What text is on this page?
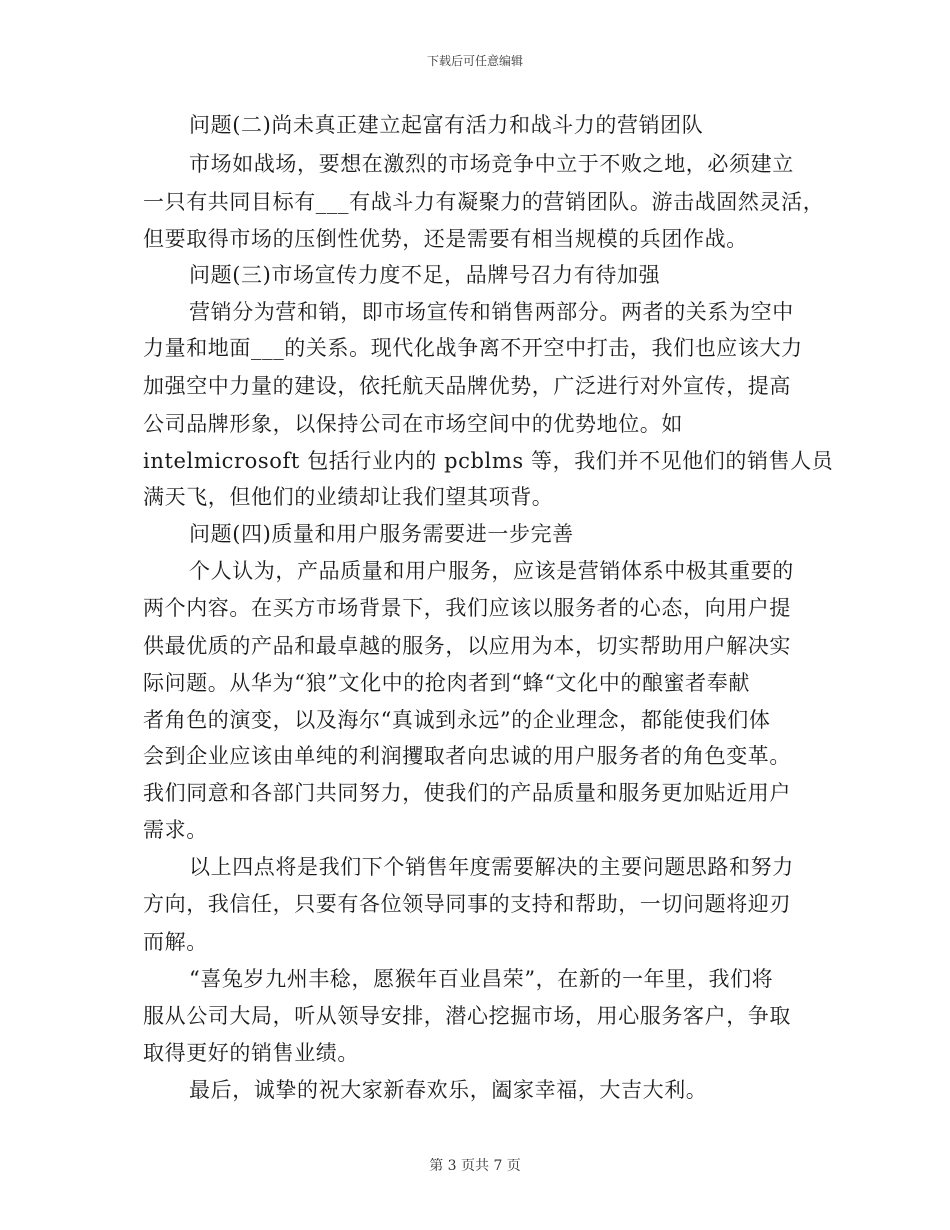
下载后可任意编辑
问题(二)尚未真正建立起富有活力和战斗力的营销团队
市场如战场，要想在激烈的市场竞争中立于不败之地，必须建立
一只有共同目标有___有战斗力有凝聚力的营销团队。游击战固然灵活，
但要取得市场的压倒性优势，还是需要有相当规模的兵团作战。
问题(三)市场宣传力度不足，品牌号召力有待加强
营销分为营和销，即市场宣传和销售两部分。两者的关系为空中
力量和地面___的关系。现代化战争离不开空中打击，我们也应该大力
加强空中力量的建设，依托航天品牌优势，广泛进行对外宣传，提高
公司品牌形象，以保持公司在市场空间中的优势地位。如
intelmicrosoft 包括行业内的 pcblms 等，我们并不见他们的销售人员
满天飞，但他们的业绩却让我们望其项背。
问题(四)质量和用户服务需要进一步完善
个人认为，产品质量和用户服务，应该是营销体系中极其重要的
两个内容。在买方市场背景下，我们应该以服务者的心态，向用户提
供最优质的产品和最卓越的服务，以应用为本，切实帮助用户解决实
际问题。从华为“狼”文化中的抢肉者到“蜂“文化中的酿蜜者奉献
者角色的演变，以及海尔“真诚到永远”的企业理念，都能使我们体
会到企业应该由单纯的利润攫取者向忠诚的用户服务者的角色变革。
我们同意和各部门共同努力，使我们的产品质量和服务更加贴近用户
需求。
以上四点将是我们下个销售年度需要解决的主要问题思路和努力
方向，我信任，只要有各位领导同事的支持和帮助，一切问题将迎刃
而解。
“喜兔岁九州丰稔，愿猴年百业昌荣”，在新的一年里，我们将
服从公司大局，听从领导安排，潜心挖掘市场，用心服务客户，争取
取得更好的销售业绩。
最后，诚挚的祝大家新春欢乐，阖家幸福，大吉大利。
第 3 页共 7 页
